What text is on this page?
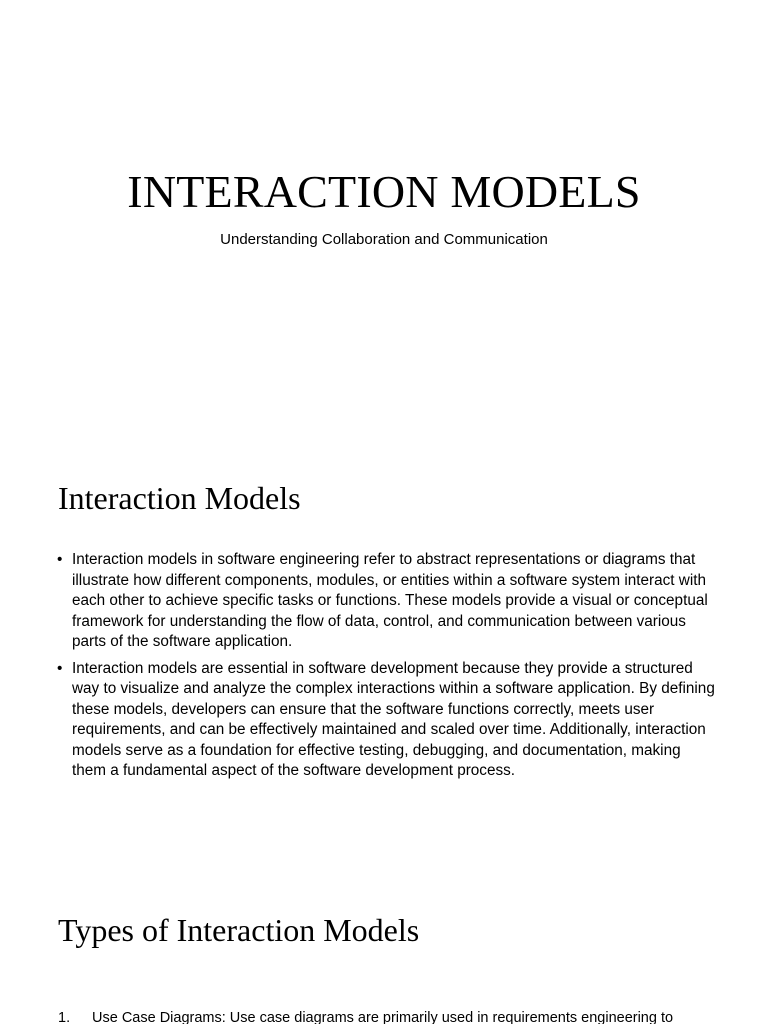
INTERACTION MODELS

Understanding Collaboration and Communication

Interaction Models
• Interaction models in software engineering refer to abstract representations or diagrams that illustrate how different components, modules, or entities within a software system interact with each other to achieve specific tasks or functions. These models provide a visual or conceptual framework for understanding the flow of data, control, and communication between various parts of the software application.
• Interaction models are essential in software development because they provide a structured way to visualize and analyze the complex interactions within a software application. By defining these models, developers can ensure that the software functions correctly, meets user requirements, and can be effectively maintained and scaled over time. Additionally, interaction models serve as a foundation for effective testing, debugging, and documentation, making them a fundamental aspect of the software development process.
Types of Interaction Models
1. Use Case Diagrams: Use case diagrams are primarily used in requirements engineering to
